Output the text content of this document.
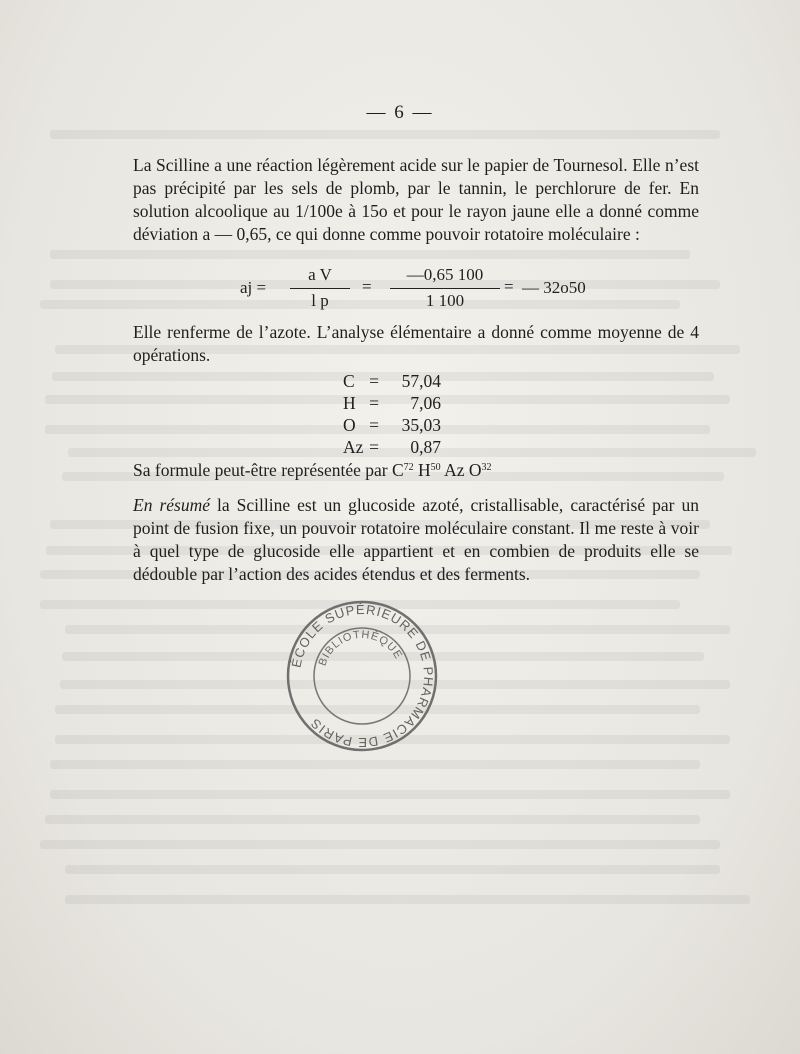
— 6 —
La Scilline a une réaction légèrement acide sur le papier de Tournesol. Elle n’est pas précipité par les sels de plomb, par le tannin, le perchlorure de fer. En solution alcoolique au 1/100e à 15o et pour le rayon jaune elle a donné comme déviation a — 0,65, ce qui donne comme pouvoir rotatoire moléculaire :
aj =
a V
l p
=
—0,65 100
1 100
= — 32o50
Elle renferme de l’azote. L’analyse élémentaire a donné comme moyenne de 4 opérations.
C =	57,04
H =	7,06
O =	35,03
Az =	0,87
Sa formule peut-être représentée par $C^{72}$ $H^{50}$ Az $O^{32}$
En résumé la Scilline est un glucoside azoté, cristallisable, caractérisé par un point de fusion fixe, un pouvoir rotatoire moléculaire constant. Il me reste à voir à quel type de glucoside elle appartient et en combien de produits elle se dédouble par l’action des acides étendus et des ferments.
ÉCOLE SUPÉRIEURE DE PHARMACIE DE PARIS
BIBLIOTHÈQUE
